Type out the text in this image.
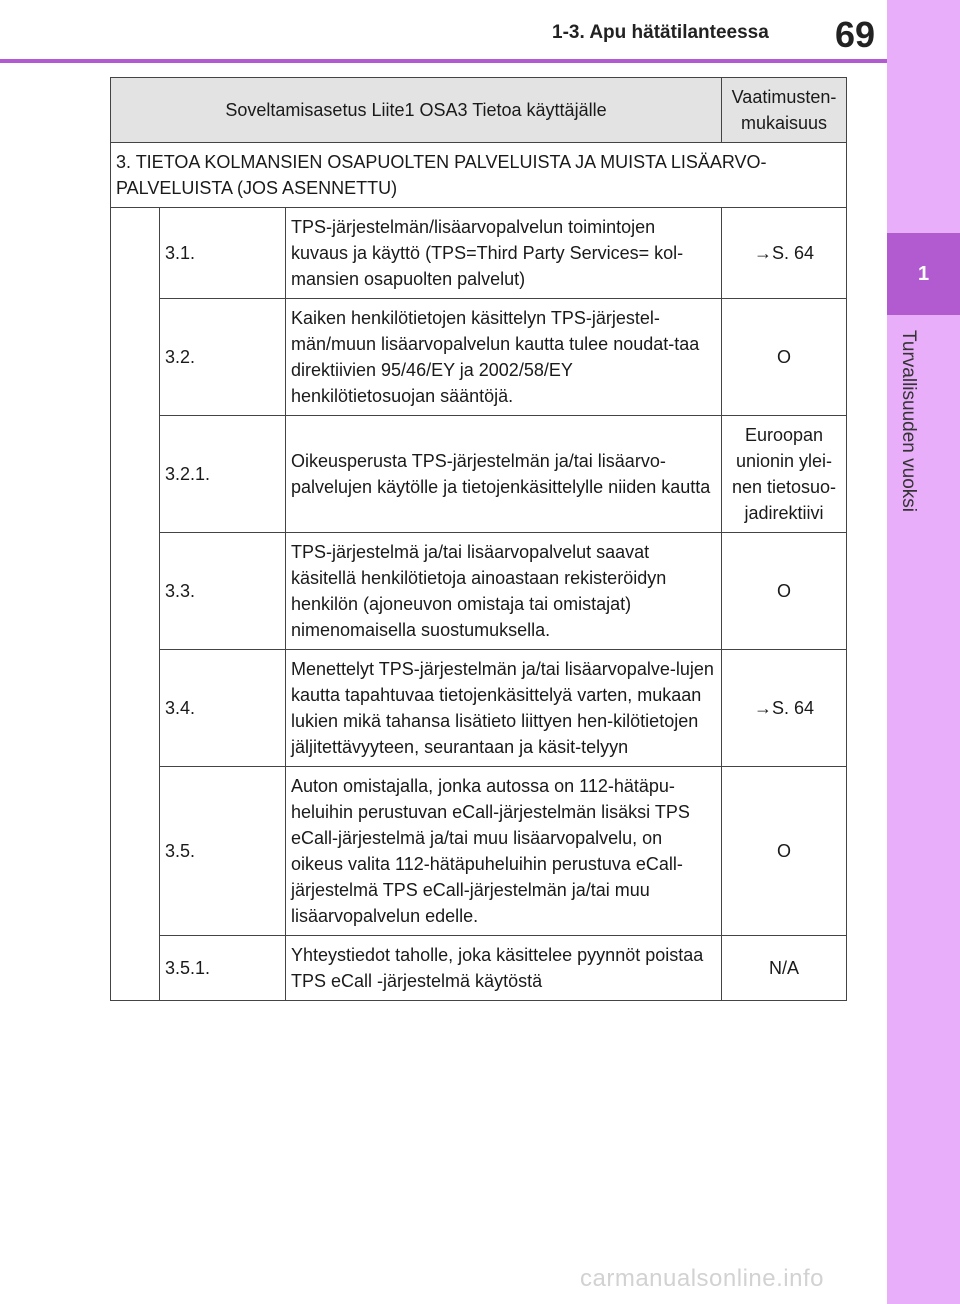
1-3. Apu hätätilanteessa 69
1
Turvallisuuden vuoksi
Soveltamisasetus Liite1 OSA3 Tietoa käyttäjälle			Vaatimusten-mukaisuus
3. TIETOA KOLMANSIEN OSAPUOLTEN PALVELUISTA JA MUISTA LISÄARVO-PALVELUISTA (JOS ASENNETTU)			
	3.1.	TPS-järjestelmän/lisäarvopalvelun toimintojen kuvaus ja käyttö (TPS=Third Party Services= kol-mansien osapuolten palvelut)	→S. 64
	3.2.	Kaiken henkilötietojen käsittelyn TPS-järjestel-män/muun lisäarvopalvelun kautta tulee noudat-taa direktiivien 95/46/EY ja 2002/58/EY henkilötietosuojan sääntöjä.	O
	3.2.1.	Oikeusperusta TPS-järjestelmän ja/tai lisäarvo-palvelujen käytölle ja tietojenkäsittelylle niiden kautta	Euroopan unionin ylei-nen tietosuo-jadirektiivi
	3.3.	TPS-järjestelmä ja/tai lisäarvopalvelut saavat käsitellä henkilötietoja ainoastaan rekisteröidyn henkilön (ajoneuvon omistaja tai omistajat) nimenomaisella suostumuksella.	O
	3.4.	Menettelyt TPS-järjestelmän ja/tai lisäarvopalve-lujen kautta tapahtuvaa tietojenkäsittelyä varten, mukaan lukien mikä tahansa lisätieto liittyen hen-kilötietojen jäljitettävyyteen, seurantaan ja käsit-telyyn	→S. 64
	3.5.	Auton omistajalla, jonka autossa on 112-hätäpu-heluihin perustuvan eCall-järjestelmän lisäksi TPS eCall-järjestelmä ja/tai muu lisäarvopalvelu, on oikeus valita 112-hätäpuheluihin perustuva eCall-järjestelmä TPS eCall-järjestelmän ja/tai muu lisäarvopalvelun edelle.	O
	3.5.1.	Yhteystiedot taholle, joka käsittelee pyynnöt poistaa TPS eCall -järjestelmä käytöstä	N/A
carmanualsonline.info
